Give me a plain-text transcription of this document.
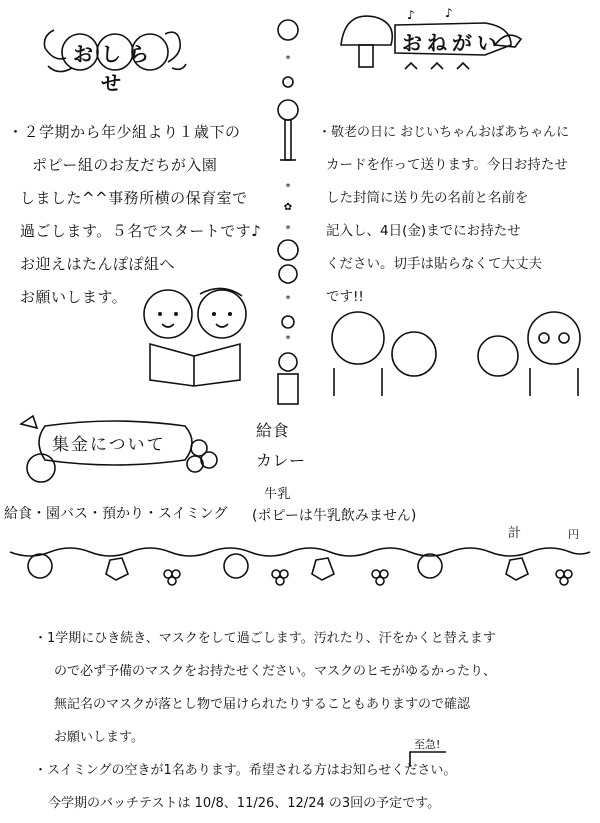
おしらせ
・２学期から年少組より１歳下の
ポピー組のお友だちが入園
しました^^事務所横の保育室で
過ごします。５名でスタートです♪
お迎えはたんぽぽ組へ
お願いします。
*
*
✿
*
*
*
♪	♪
おねがい
・敬老の日に おじいちゃんおばあちゃんに
カードを作って送ります。今日お持たせ
した封筒に送り先の名前と名前を
記入し、4日(金)までにお持たせ
ください。切手は貼らなくて大丈夫
です!!
集金について
給食
カレー
牛乳
給食・園バス・預かり・スイミング (ポピーは牛乳飲みません)
計	円
・1学期にひき続き、マスクをして過ごします。汚れたり、汗をかくと替えます
ので必ず予備のマスクをお持たせください。マスクのヒモがゆるかったり、
無記名のマスクが落とし物で届けられたりすることもありますので確認
お願いします。
・スイミングの空きが1名あります。希望される方はお知らせください。
今学期のバッチテストは 10/8、11/26、12/24 の3回の予定です。
至急!
